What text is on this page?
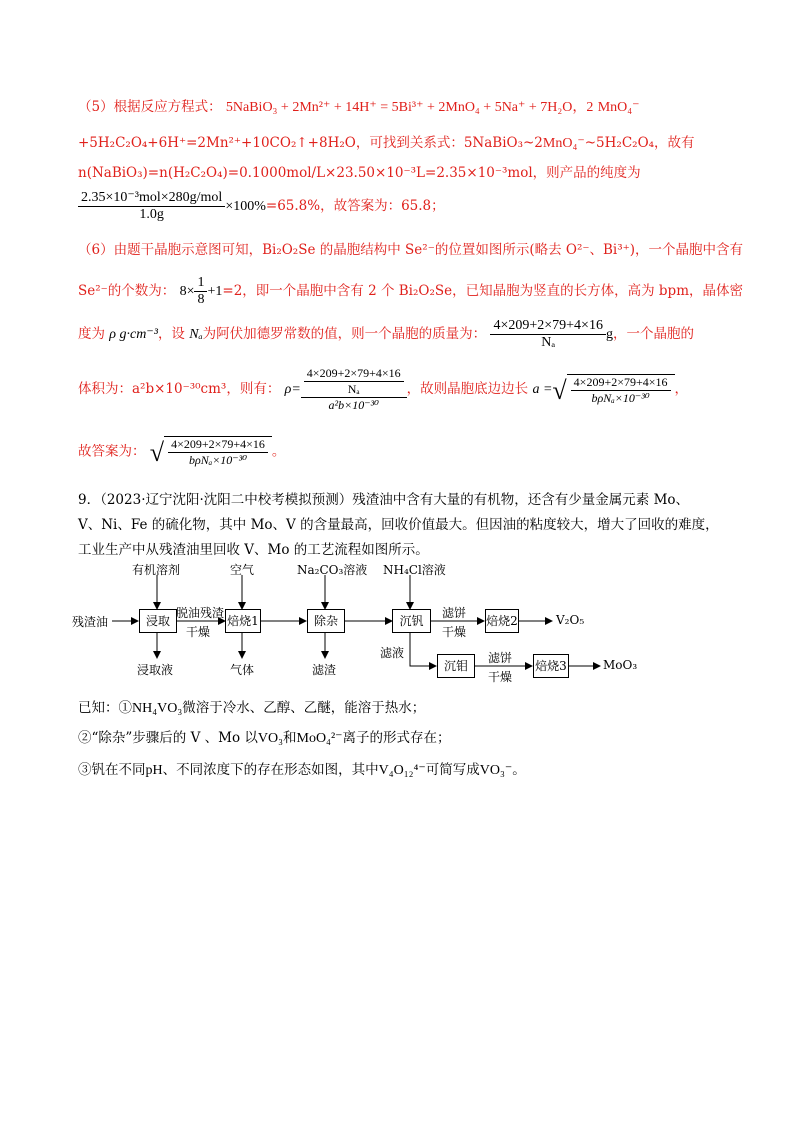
（5）根据反应方程式： 5NaBiO₃ + 2Mn²⁺ + 14H⁺ = 5Bi³⁺ + 2MnO₄ + 5Na⁺ + 7H₂O，2 MnO₄⁻
+5H₂C₂O₄+6H⁺=2Mn²⁺+10CO₂↑+8H₂O，可找到关系式：5NaBiO₃~2MnO₄⁻~5H₂C₂O₄，故有
n(NaBiO₃)=n(H₂C₂O₄)=0.1000mol/L×23.50×10⁻³L=2.35×10⁻³mol，则产品的纯度为
$\frac{\text{2.35×10⁻³mol×280g/mol}}{1.0g} \times 100\%=65.8\%$，故答案为：65.8；
（6）由题干晶胞示意图可知，Bi₂O₂Se 的晶胞结构中 Se²⁻的位置如图所示(略去 O²⁻、Bi³⁺)，一个晶胞中含有
Se²⁻的个数为： $8\times \frac{1}{8} +1=2$，即一个晶胞中含有 2 个 Bi₂O₂Se，已知晶胞为竖直的长方体，高为 bpm，晶体密
度为 ρ g·cm⁻³，设 Nₐ为阿伏加德罗常数的值，则一个晶胞的质量为： $\frac{4\times 209+2\times 79+4\times 16}{\text{Nₐ}}$ g，一个晶胞的
体积为：a²b×10⁻³⁰cm³，则有： $\rho= \frac{\frac{4\times 209+2\times 79+4\times 16}{\text{Nₐ}}}{\text{a²b×10⁻³⁰}}$ ，故则晶胞底边边长 a =√ $\frac{4\times 209+2\times 79+4\times 16}{\text{bρNₐ×10⁻³⁰}}$ ，
故答案为： √ $\frac{4\times 209+2\times 79+4\times 16}{\text{bρNₐ×10⁻³⁰}}$ 。
9．（2023·辽宁沈阳·沈阳二中校考模拟预测）残渣油中含有大量的有机物，还含有少量金属元素 Mo、
V、Ni、Fe 的硫化物，其中 Mo、V 的含量最高，回收价值最大。但因油的粘度较大，增大了回收的难度，
工业生产中从残渣油里回收 V、Mo 的工艺流程如图所示。
残渣油
有机溶剂	空气	Na₂CO₃溶液 NH₄Cl溶液
浸取	焙烧1	除杂	沉钒	焙烧2
沉钼	焙烧3
脱油残渣
干燥
滤饼
干燥
滤饼
干燥
浸取液	气体	滤渣
滤液
V₂O₅
MoO₃
已知：①NH₄VO₃微溶于冷水、乙醇、乙醚，能溶于热水；
②“除杂”步骤后的 V 、Mo 以VO₃和MoO₄²⁻离子的形式存在；
③钒在不同pH、不同浓度下的存在形态如图，其中V₄O₁₂⁴⁻可简写成VO₃⁻。
